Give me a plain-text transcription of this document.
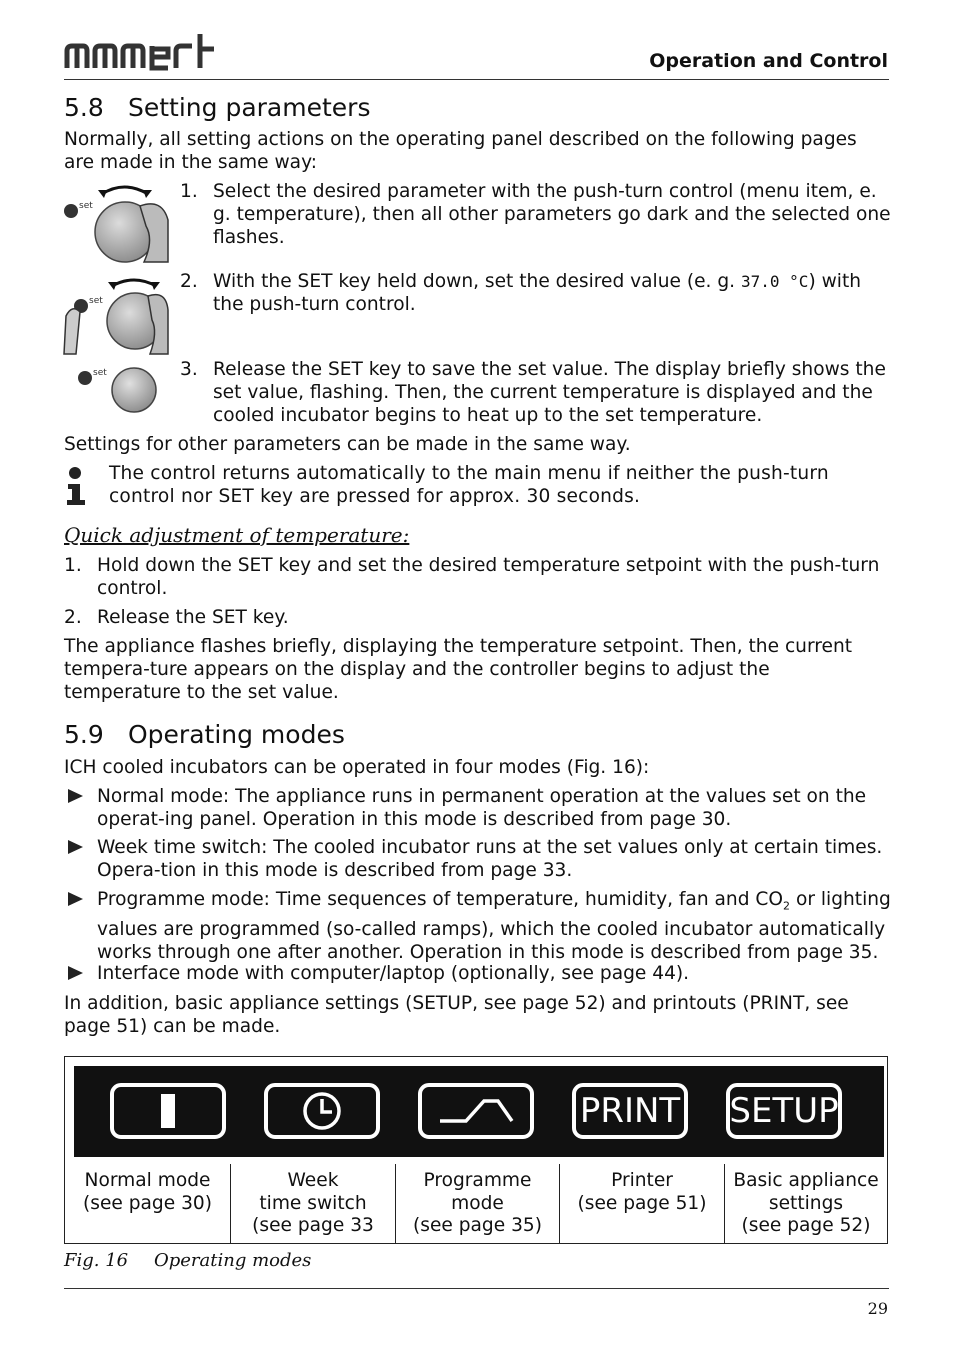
Operation and Control
5.8 Setting parameters
Normally, all setting actions on the operating panel described on the following pages are made in the same way:
set
set
set
1. Select the desired parameter with the push-turn control (menu item, e. g. temperature), then all other parameters go dark and the selected one flashes.
2. With the SET key held down, set the desired value (e. g. 37.0 °C) with the push-turn control.
3. Release the SET key to save the set value. The display briefly shows the set value, flashing. Then, the current temperature is displayed and the cooled incubator begins to heat up to the set temperature.
Settings for other parameters can be made in the same way.
The control returns automatically to the main menu if neither the push-turn control nor SET key are pressed for approx. 30 seconds.
Quick adjustment of temperature:
1. Hold down the SET key and set the desired temperature setpoint with the push-turn control.
2. Release the SET key.
The appliance flashes briefly, displaying the temperature setpoint. Then, the current tempera-ture appears on the display and the controller begins to adjust the temperature to the set value.
5.9 Operating modes
ICH cooled incubators can be operated in four modes (Fig. 16):
Normal mode: The appliance runs in permanent operation at the values set on the operat-ing panel. Operation in this mode is described from page 30.
Week time switch: The cooled incubator runs at the set values only at certain times. Opera-tion in this mode is described from page 33.
Programme mode: Time sequences of temperature, humidity, fan and $CO_2$ or lighting values are programmed (so-called ramps), which the cooled incubator automatically works through one after another. Operation in this mode is described from page 35.
Interface mode with computer/laptop (optionally, see page 44).
In addition, basic appliance settings (SETUP, see page 52) and printouts (PRINT, see page 51) can be made.
PRINT SETUP
Normal mode
(see page 30)
Week
time switch
(see page 33
Programme
mode
(see page 35)
Printer
(see page 51)
Basic appliance
settings
(see page 52)
Fig. 16 Operating modes
29
